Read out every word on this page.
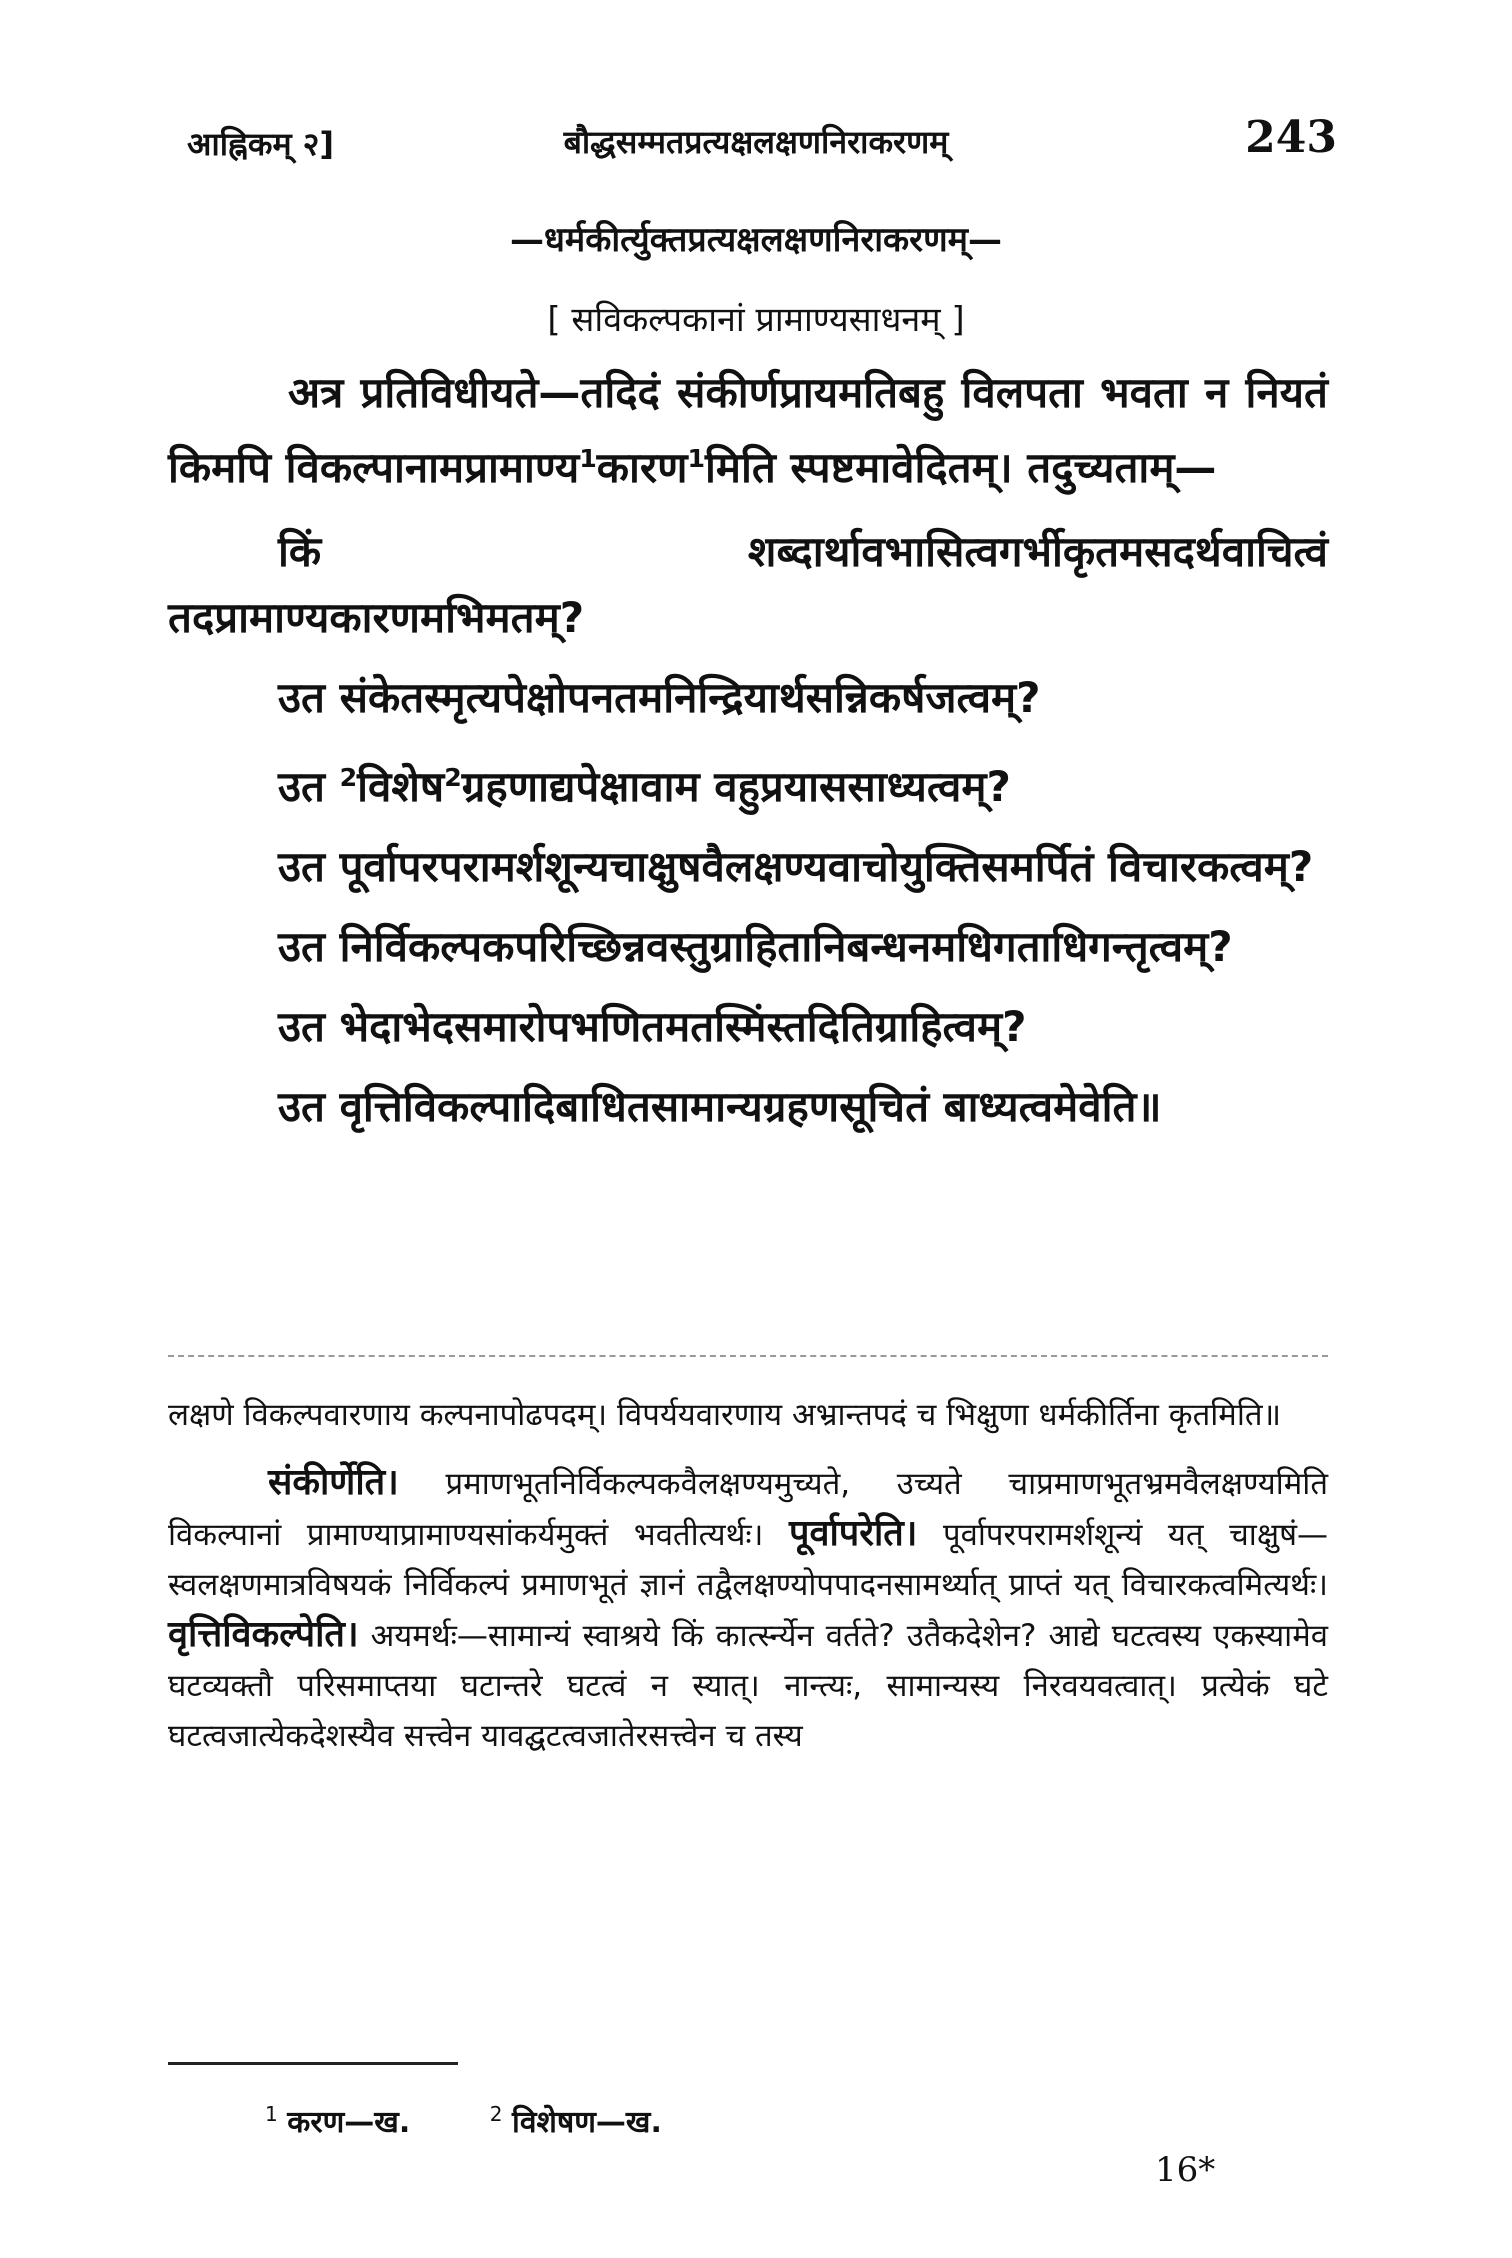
आह्निकम् २]	बौद्धसम्मतप्रत्यक्षलक्षणनिराकरणम्	243
—धर्मकीर्त्युक्तप्रत्यक्षलक्षणनिराकरणम्—
[ सविकल्पकानां प्रामाण्यसाधनम् ]

अत्र प्रतिविधीयते—तदिदं संकीर्णप्रायमतिबहु विलपता भवता न नियतं किमपि विकल्पानामप्रामाण्य$^1$कारण$^1$मिति स्पष्टमावेदितम्। तदुच्यताम्—

किं शब्दार्थावभासित्वगर्भीकृतमसदर्थवाचित्वं तदप्रामाण्यकारणमभिमतम्?

उत संकेतस्मृत्यपेक्षोपनतमनिन्द्रियार्थसन्निकर्षजत्वम्?

उत $^2$विशेष$^2$ग्रहणाद्यपेक्षावाम वहुप्रयाससाध्यत्वम्?

उत पूर्वापरपरामर्शशून्यचाक्षुषवैलक्षण्यवाचोयुक्तिसमर्पितं विचारकत्वम्?

उत निर्विकल्पकपरिच्छिन्नवस्तुग्राहितानिबन्धनमधिगताधिगन्तृत्वम्?

उत भेदाभेदसमारोपभणितमतस्मिंस्तदितिग्राहित्वम्?

उत वृत्तिविकल्पादिबाधितसामान्यग्रहणसूचितं बाध्यत्वमेवेति॥

लक्षणे विकल्पवारणाय कल्पनापोढपदम्। विपर्ययवारणाय अभ्रान्तपदं च भिक्षुणा धर्मकीर्तिना कृतमिति॥

संकीर्णेति। प्रमाणभूतनिर्विकल्पकवैलक्षण्यमुच्यते, उच्यते चाप्रमाणभूतभ्रमवैलक्षण्यमिति विकल्पानां प्रामाण्याप्रामाण्यसांकर्यमुक्तं भवतीत्यर्थः। पूर्वापरेति। पूर्वापरपरामर्शशून्यं यत् चाक्षुषं—स्वलक्षणमात्रविषयकं निर्विकल्पं प्रमाणभूतं ज्ञानं तद्वैलक्षण्योपपादनसामर्थ्यात् प्राप्तं यत् विचारकत्वमित्यर्थः। वृत्तिविकल्पेति। अयमर्थः—सामान्यं स्वाश्रये किं कार्त्स्न्येन वर्तते? उतैकदेशेन? आद्ये घटत्वस्य एकस्यामेव घटव्यक्तौ परिसमाप्तया घटान्तरे घटत्वं न स्यात्। नान्त्यः, सामान्यस्य निरवयवत्वात्। प्रत्येकं घटे घटत्वजात्येकदेशस्यैव सत्त्वेन यावद्घटत्वजातेरसत्त्वेन च तस्य

$^1$ करण—ख.	$^2$ विशेषण—ख.
16*
